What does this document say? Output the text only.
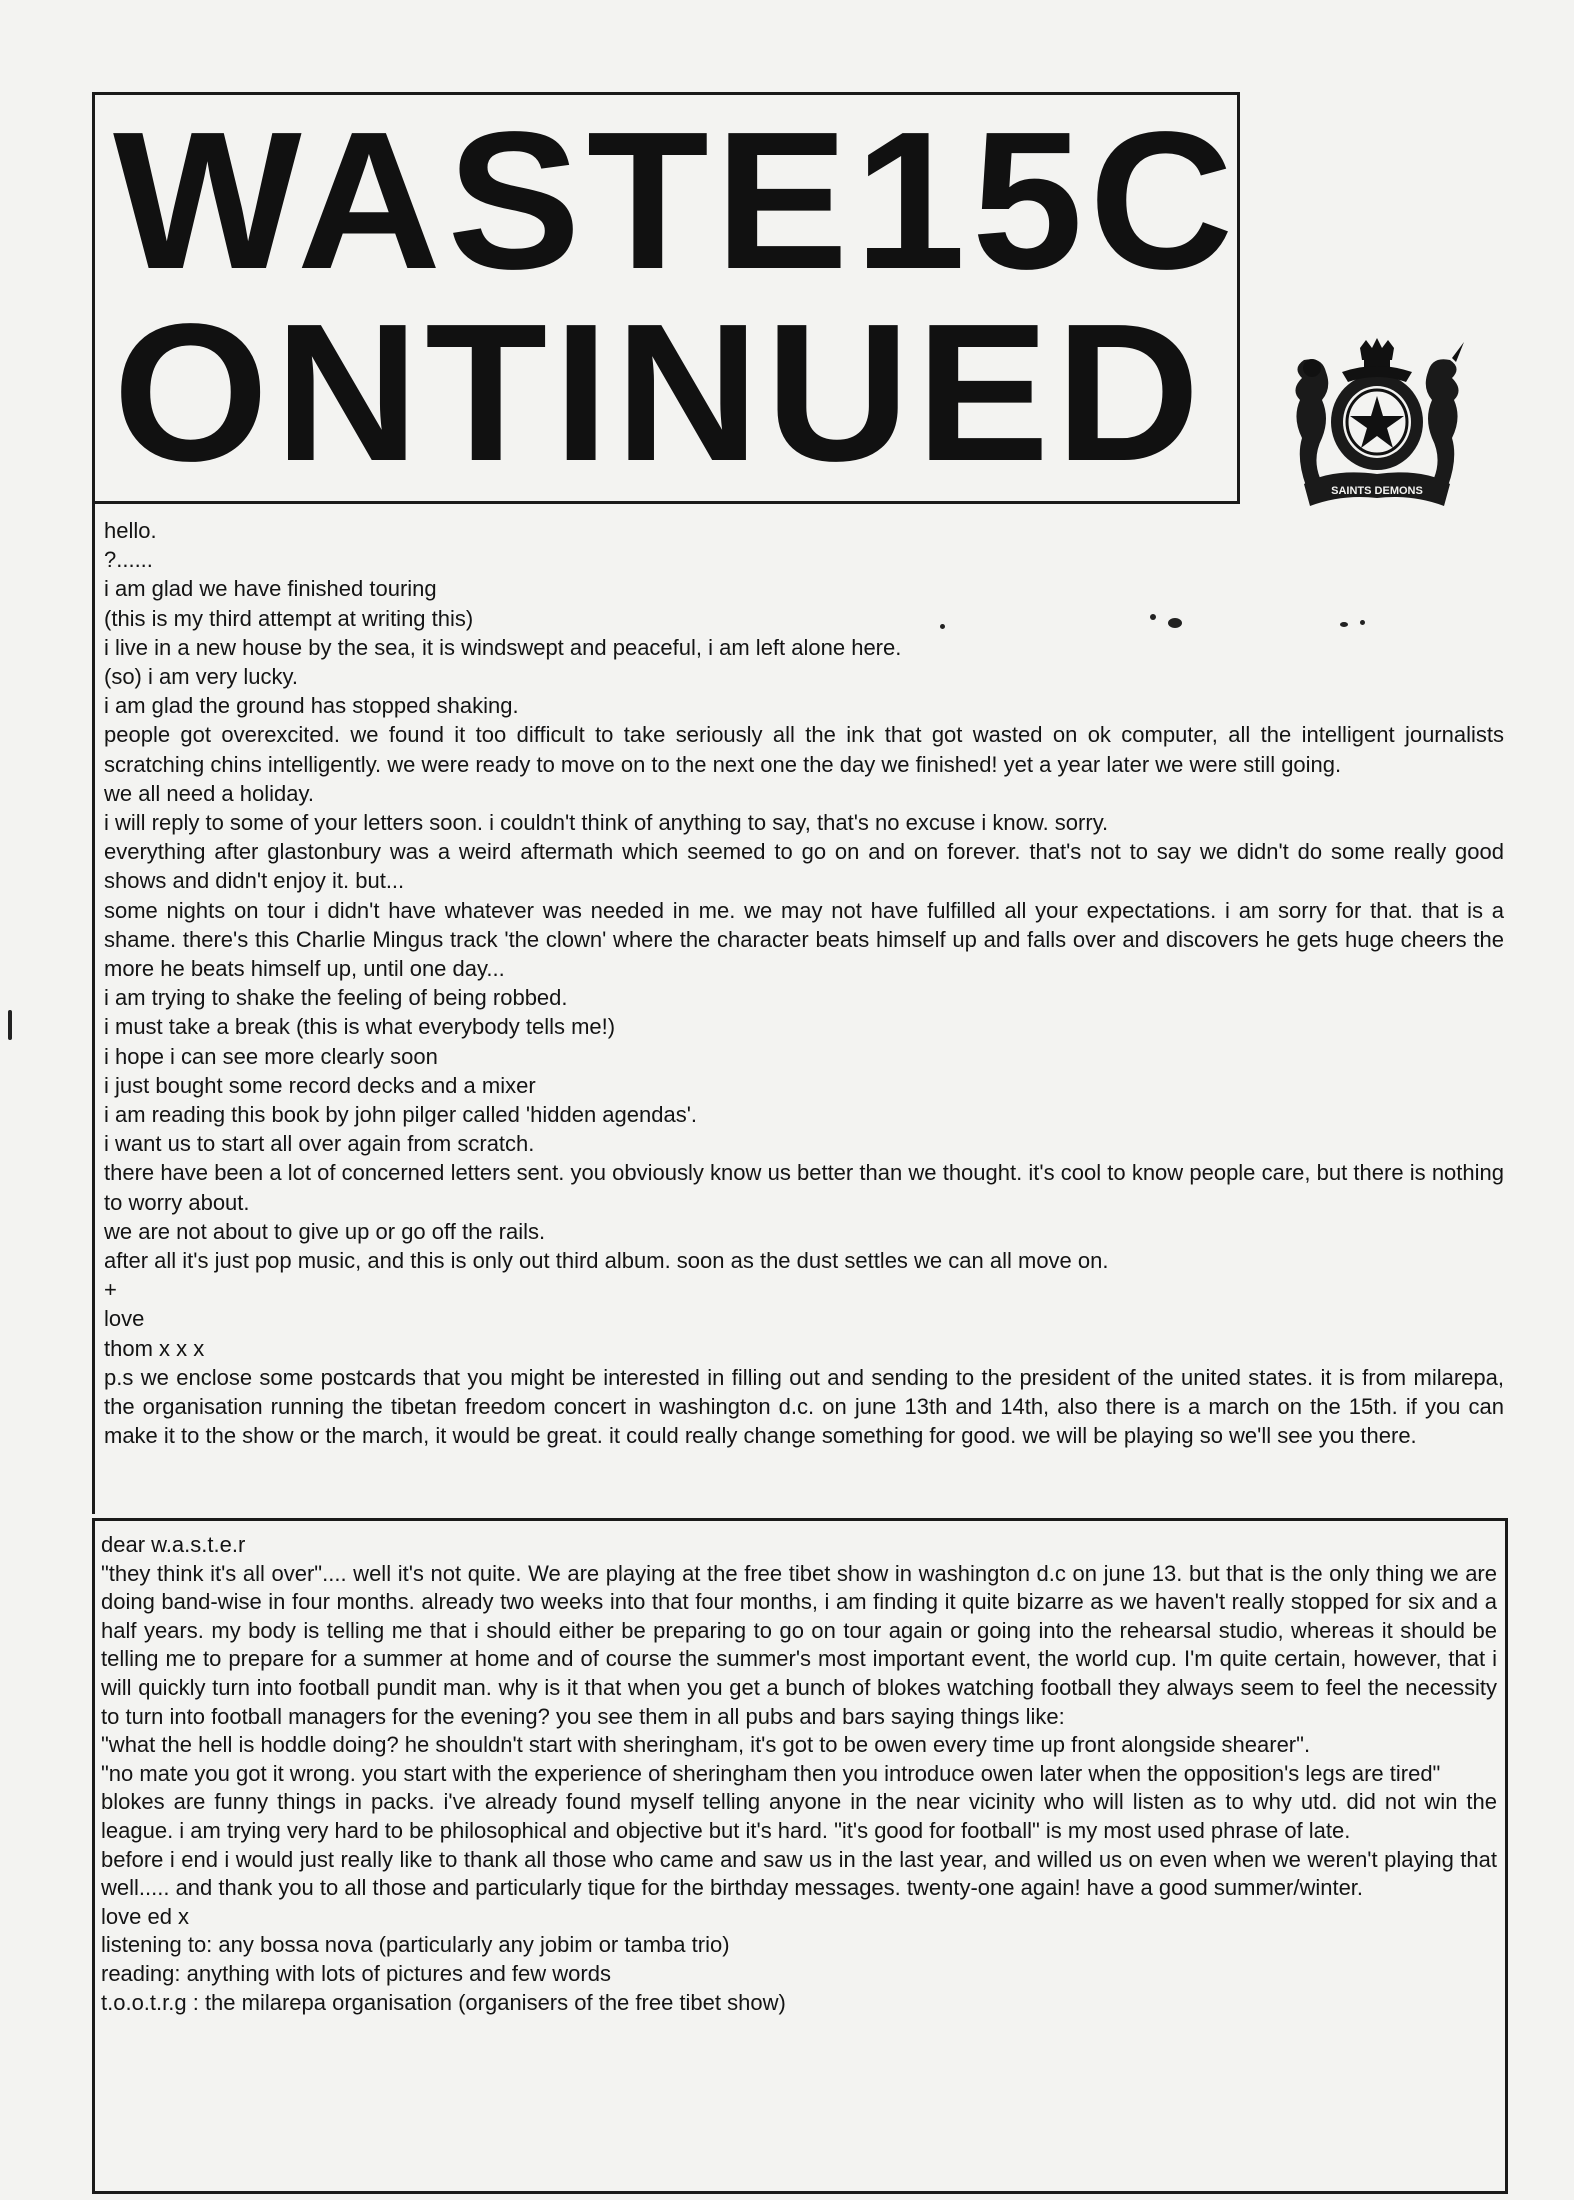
WASTE15C
ONTINUED	SAINTS DEMONS
hello.
?......
i am glad we have finished touring
(this is my third attempt at writing this)
i live in a new house by the sea, it is windswept and peaceful, i am left alone here.
(so) i am very lucky.
i am glad the ground has stopped shaking.
people got overexcited. we found it too difficult to take seriously all the ink that got wasted on ok computer, all the intelligent journalists scratching chins intelligently. we were ready to move on to the next one the day we finished! yet a year later we were still going.
we all need a holiday.
i will reply to some of your letters soon. i couldn't think of anything to say, that's no excuse i know. sorry.
everything after glastonbury was a weird aftermath which seemed to go on and on forever. that's not to say we didn't do some really good shows and didn't enjoy it. but...
some nights on tour i didn't have whatever was needed in me. we may not have fulfilled all your expectations. i am sorry for that. that is a shame. there's this Charlie Mingus track 'the clown' where the character beats himself up and falls over and discovers he gets huge cheers the more he beats himself up, until one day...
i am trying to shake the feeling of being robbed.
i must take a break (this is what everybody tells me!)
i hope i can see more clearly soon
i just bought some record decks and a mixer
i am reading this book by john pilger called 'hidden agendas'.
i want us to start all over again from scratch.
there have been a lot of concerned letters sent. you obviously know us better than we thought. it's cool to know people care, but there is nothing to worry about.
we are not about to give up or go off the rails.
after all it's just pop music, and this is only out third album. soon as the dust settles we can all move on.
+
love
thom x x x
p.s we enclose some postcards that you might be interested in filling out and sending to the president of the united states. it is from milarepa, the organisation running the tibetan freedom concert in washington d.c. on june 13th and 14th, also there is a march on the 15th. if you can make it to the show or the march, it would be great. it could really change something for good. we will be playing so we'll see you there.
dear w.a.s.t.e.r
"they think it's all over".... well it's not quite. We are playing at the free tibet show in washington d.c on june 13. but that is the only thing we are doing band-wise in four months. already two weeks into that four months, i am finding it quite bizarre as we haven't really stopped for six and a half years. my body is telling me that i should either be preparing to go on tour again or going into the rehearsal studio, whereas it should be telling me to prepare for a summer at home and of course the summer's most important event, the world cup. I'm quite certain, however, that i will quickly turn into football pundit man. why is it that when you get a bunch of blokes watching football they always seem to feel the necessity to turn into football managers for the evening? you see them in all pubs and bars saying things like:
"what the hell is hoddle doing? he shouldn't start with sheringham, it's got to be owen every time up front alongside shearer".
"no mate you got it wrong. you start with the experience of sheringham then you introduce owen later when the opposition's legs are tired"
blokes are funny things in packs. i've already found myself telling anyone in the near vicinity who will listen as to why utd. did not win the league. i am trying very hard to be philosophical and objective but it's hard. "it's good for football" is my most used phrase of late.
before i end i would just really like to thank all those who came and saw us in the last year, and willed us on even when we weren't playing that well..... and thank you to all those and particularly tique for the birthday messages. twenty-one again! have a good summer/winter.
love ed x
listening to: any bossa nova (particularly any jobim or tamba trio)
reading: anything with lots of pictures and few words
t.o.o.t.r.g : the milarepa organisation (organisers of the free tibet show)
